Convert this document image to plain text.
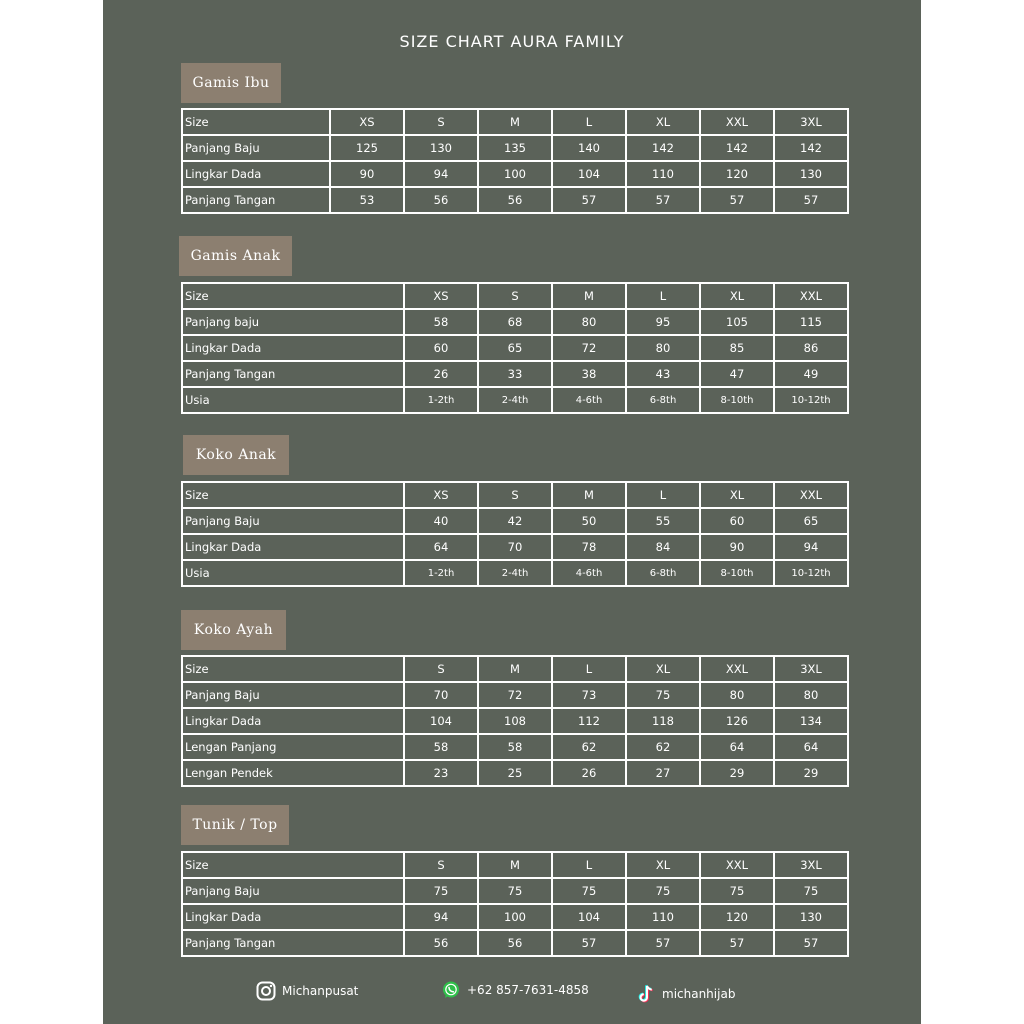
SIZE CHART AURA FAMILY
Gamis Ibu
Gamis Anak
Koko Anak
Koko Ayah
Tunik / Top
Size	XS	S	M	L	XL	XXL	3XL
Panjang Baju	125	130	135	140	142	142	142
Lingkar Dada	90	94	100	104	110	120	130
Panjang Tangan	53	56	56	57	57	57	57
Size	XS	S	M	L	XL	XXL
Panjang baju	58	68	80	95	105	115
Lingkar Dada	60	65	72	80	85	86
Panjang Tangan	26	33	38	43	47	49
Usia	1-2th	2-4th	4-6th	6-8th	8-10th	10-12th
Size	XS	S	M	L	XL	XXL
Panjang Baju	40	42	50	55	60	65
Lingkar Dada	64	70	78	84	90	94
Usia	1-2th	2-4th	4-6th	6-8th	8-10th	10-12th
Size	S	M	L	XL	XXL	3XL
Panjang Baju	70	72	73	75	80	80
Lingkar Dada	104	108	112	118	126	134
Lengan Panjang	58	58	62	62	64	64
Lengan Pendek	23	25	26	27	29	29
Size	S	M	L	XL	XXL	3XL
Panjang Baju	75	75	75	75	75	75
Lingkar Dada	94	100	104	110	120	130
Panjang Tangan	56	56	57	57	57	57
Michanpusat	+62 857-7631-4858	michanhijab
